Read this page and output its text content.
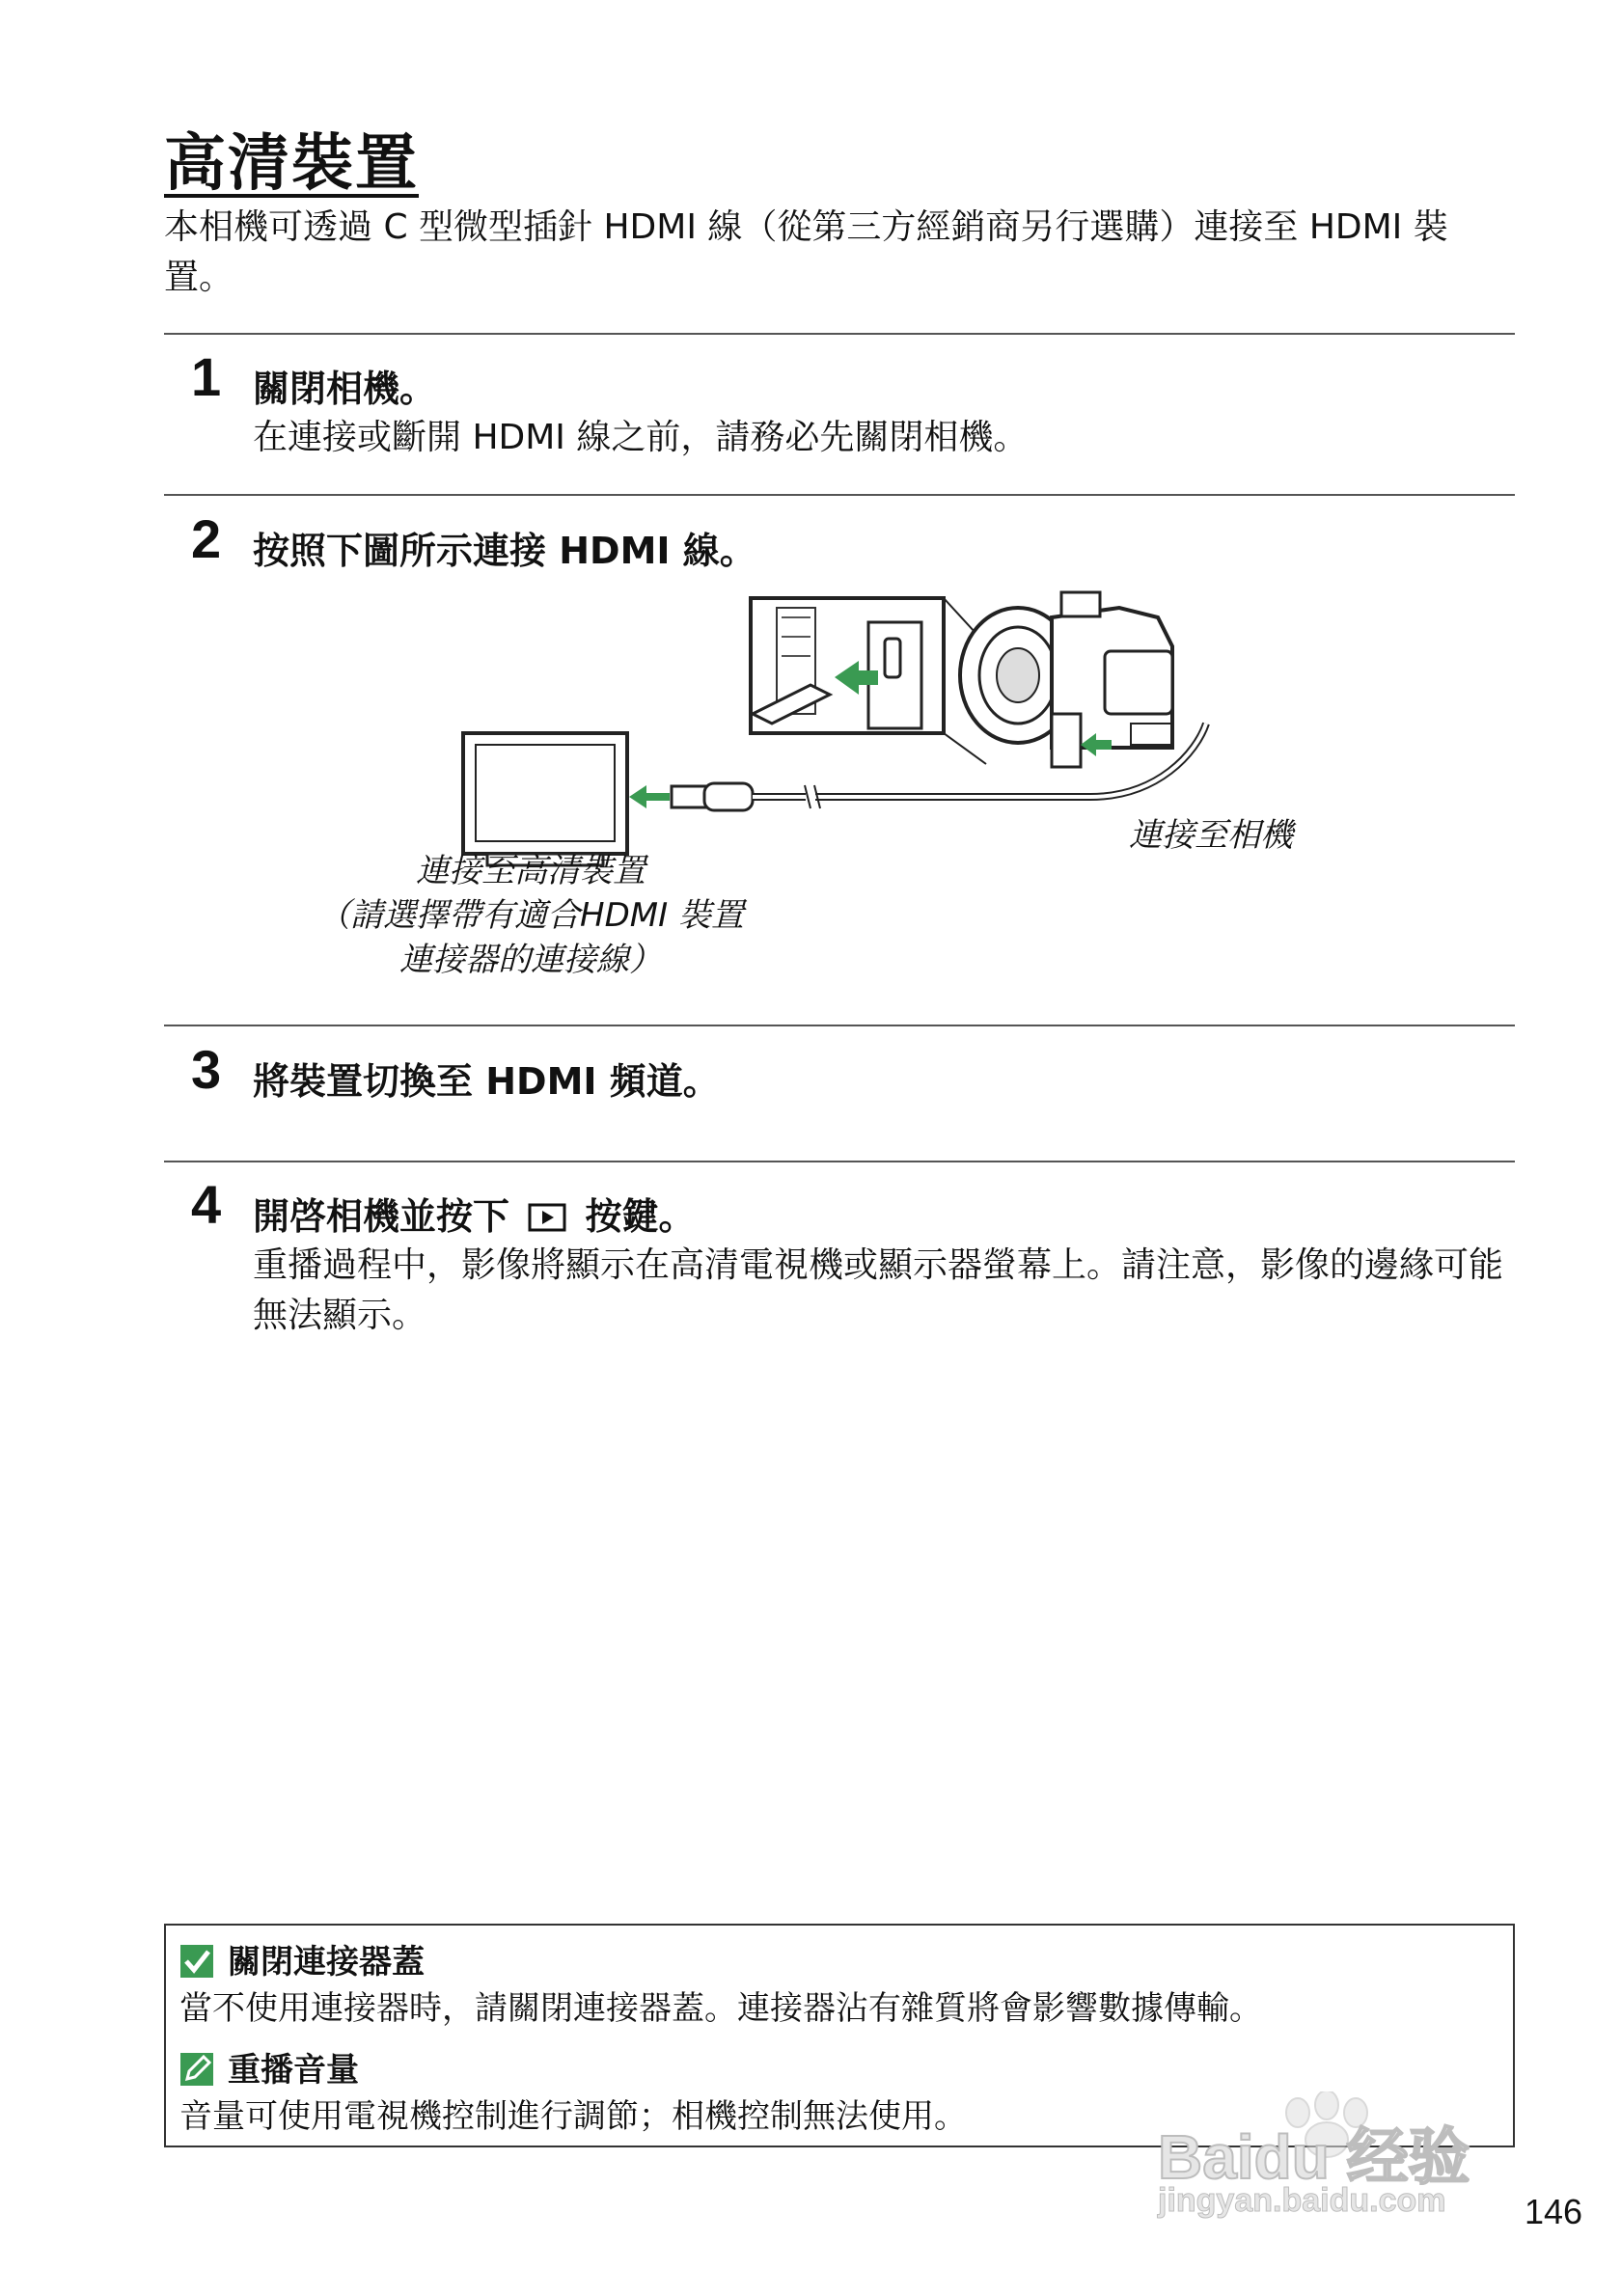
高清裝置
本相機可透過 C 型微型插針 HDMI 線（從第三方經銷商另行選購）連接至 HDMI 裝置。
1 關閉相機。
在連接或斷開 HDMI 線之前，請務必先關閉相機。
2 按照下圖所示連接 HDMI 線。
連接至相機
連接至高清裝置
（請選擇帶有適合HDMI 裝置
連接器的連接線）
3 將裝置切換至 HDMI 頻道。
4 開啓相機並按下 按鍵。
重播過程中，影像將顯示在高清電視機或顯示器螢幕上。請注意，影像的邊緣可能無法顯示。
關閉連接器蓋
當不使用連接器時，請關閉連接器蓋。連接器沾有雜質將會影響數據傳輸。
重播音量
音量可使用電視機控制進行調節；相機控制無法使用。
Baidu 经验
jingyan.baidu.com 146
